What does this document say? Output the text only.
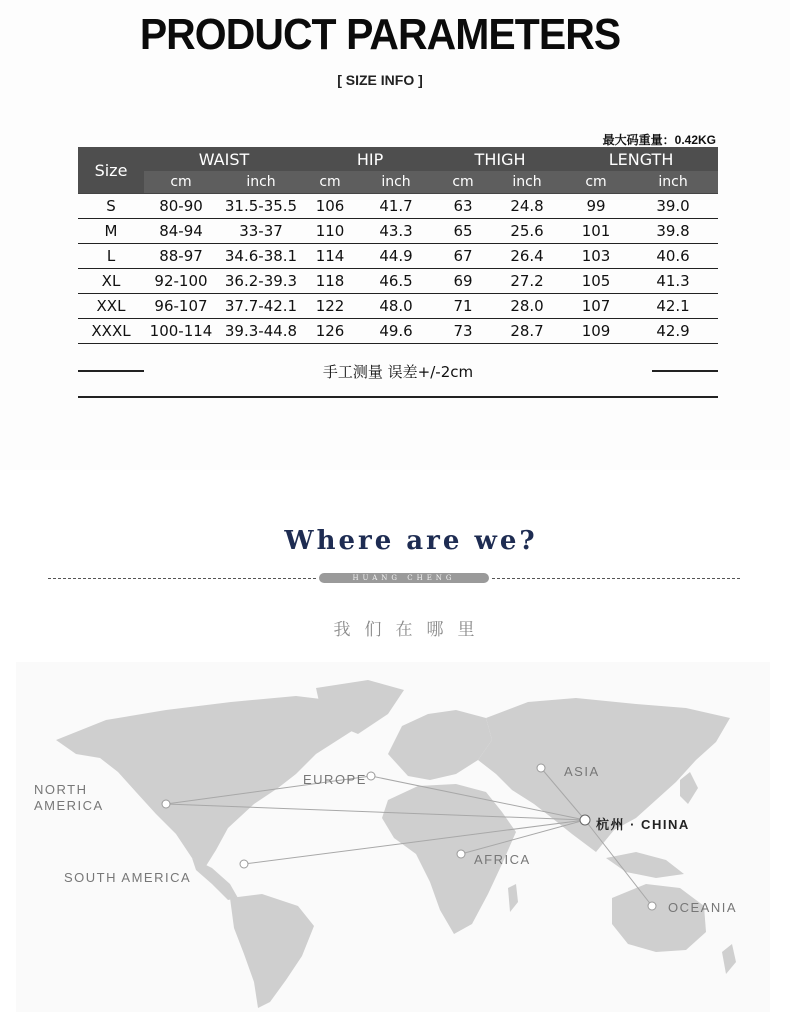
PRODUCT PARAMETERS
[ SIZE INFO ]
最大码重量：0.42KG
Size	WAIST		HIP		THIGH		LENGTH	
	cm	inch	cm	inch	cm	inch	cm	inch
S	80-90	31.5-35.5	106	41.7	63	24.8	99	39.0
M	84-94	33-37	110	43.3	65	25.6	101	39.8
L	88-97	34.6-38.1	114	44.9	67	26.4	103	40.6
XL	92-100	36.2-39.3	118	46.5	69	27.2	105	41.3
XXL	96-107	37.7-42.1	122	48.0	71	28.0	107	42.1
XXXL	100-114	39.3-44.8	126	49.6	73	28.7	109	42.9
手工测量 误差+/-2cm
Where are we?
HUANG CHENG
我们在哪里
NORTH
AMERICA
SOUTH AMERICA
EUROPE
ASIA
AFRICA
OCEANIA
杭州 · CHINA
